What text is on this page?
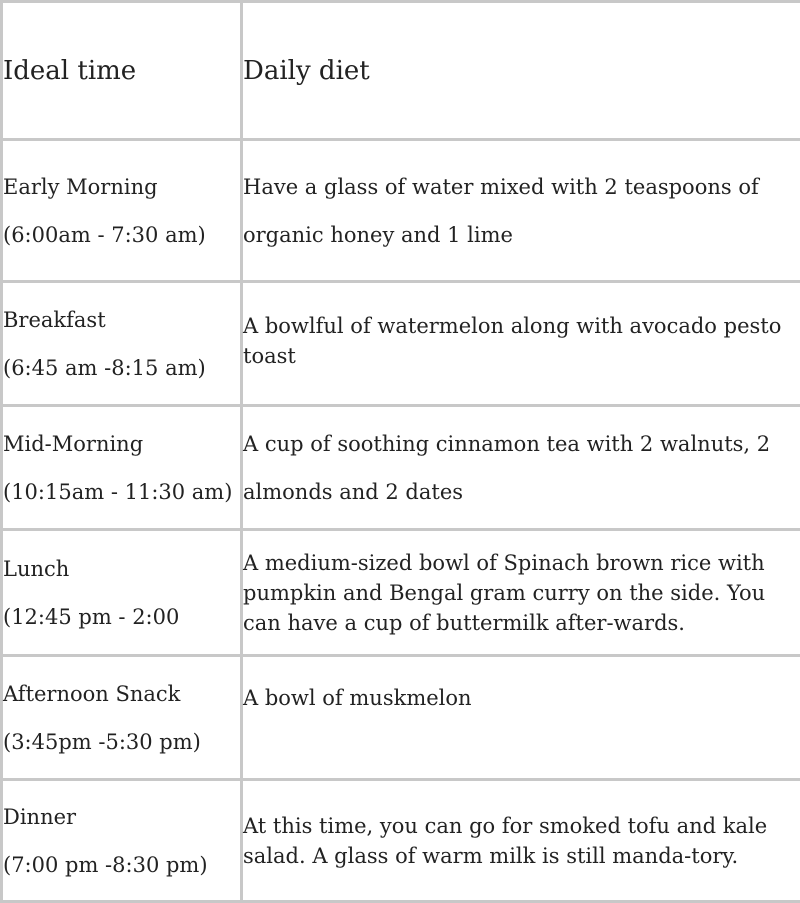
Ideal time	Daily diet

Early Morning
(6:00am - 7:30 am)	Have a glass of water mixed with 2 teaspoons of organic honey and 1 lime

Breakfast
(6:45 am -8:15 am)	A bowlful of watermelon along with avocado pesto toast

Mid-Morning
(10:15am - 11:30 am)	A cup of soothing cinnamon tea with 2 walnuts, 2 almonds and 2 dates

Lunch
(12:45 pm - 2:00	A medium-sized bowl of Spinach brown rice with pumpkin and Bengal gram curry on the side. You can have a cup of buttermilk after-wards.

Afternoon Snack
(3:45pm -5:30 pm)	A bowl of muskmelon

Dinner
(7:00 pm -8:30 pm)	At this time, you can go for smoked tofu and kale salad. A glass of warm milk is still manda-tory.
